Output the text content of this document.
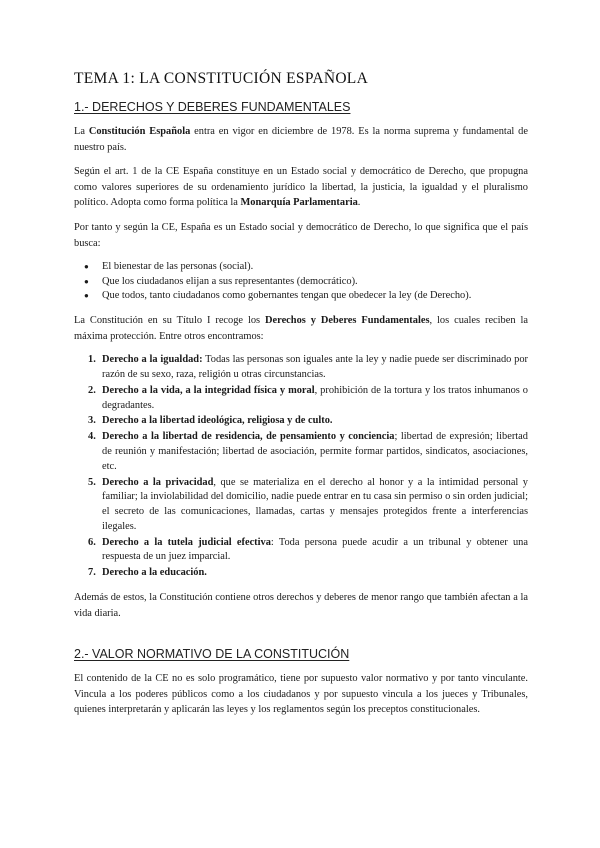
TEMA 1: LA CONSTITUCIÓN ESPAÑOLA
1.- DERECHOS Y DEBERES FUNDAMENTALES

La Constitución Española entra en vigor en diciembre de 1978. Es la norma suprema y fundamental de nuestro país.

Según el art. 1 de la CE España constituye en un Estado social y democrático de Derecho, que propugna como valores superiores de su ordenamiento jurídico la libertad, la justicia, la igualdad y el pluralismo político. Adopta como forma política la Monarquía Parlamentaria.

Por tanto y según la CE, España es un Estado social y democrático de Derecho, lo que significa que el país busca:

● El bienestar de las personas (social).
● Que los ciudadanos elijan a sus representantes (democrático).
● Que todos, tanto ciudadanos como gobernantes tengan que obedecer la ley (de Derecho).

La Constitución en su Título I recoge los Derechos y Deberes Fundamentales, los cuales reciben la máxima protección. Entre otros encontramos:

1. Derecho a la igualdad: Todas las personas son iguales ante la ley y nadie puede ser discriminado por razón de su sexo, raza, religión u otras circunstancias.
2. Derecho a la vida, a la integridad física y moral, prohibición de la tortura y los tratos inhumanos o degradantes.
3. Derecho a la libertad ideológica, religiosa y de culto.
4. Derecho a la libertad de residencia, de pensamiento y conciencia; libertad de expresión; libertad de reunión y manifestación; libertad de asociación, permite formar partidos, sindicatos, asociaciones, etc.
5. Derecho a la privacidad, que se materializa en el derecho al honor y a la intimidad personal y familiar; la inviolabilidad del domicilio, nadie puede entrar en tu casa sin permiso o sin orden judicial; el secreto de las comunicaciones, llamadas, cartas y mensajes protegidos frente a interferencias ilegales.
6. Derecho a la tutela judicial efectiva: Toda persona puede acudir a un tribunal y obtener una respuesta de un juez imparcial.
7. Derecho a la educación.

Además de estos, la Constitución contiene otros derechos y deberes de menor rango que también afectan a la vida diaria.

2.- VALOR NORMATIVO DE LA CONSTITUCIÓN

El contenido de la CE no es solo programático, tiene por supuesto valor normativo y por tanto vinculante. Vincula a los poderes públicos como a los ciudadanos y por supuesto vincula a los jueces y Tribunales, quienes interpretarán y aplicarán las leyes y los reglamentos según los preceptos constitucionales.
